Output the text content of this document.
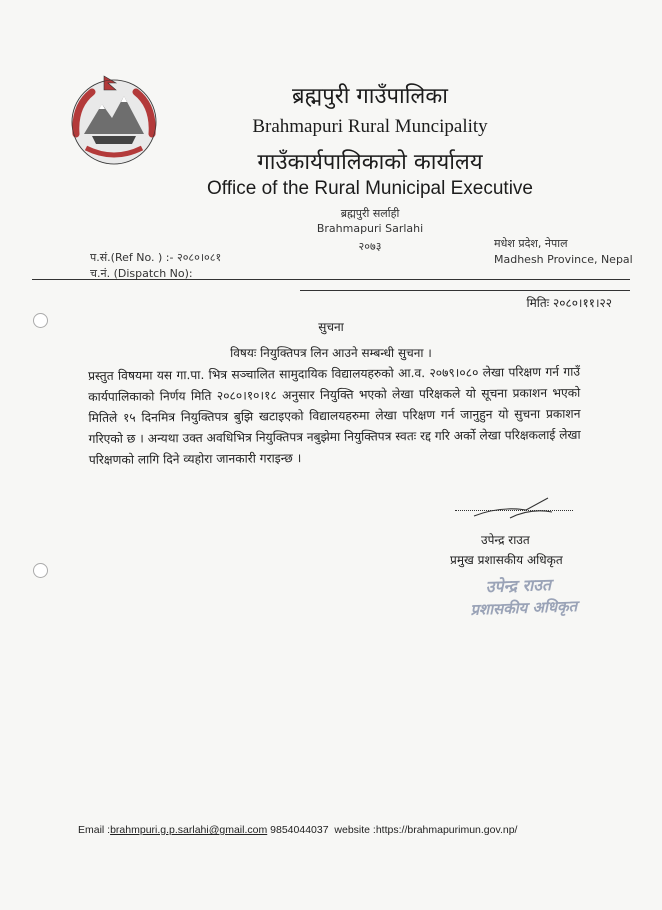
ब्रह्मपुरी गाउँपालिका
Brahmapuri Rural Muncipality
गाउँकार्यपालिकाको कार्यालय
Office of the Rural Municipal Executive
ब्रह्मपुरी सर्लाही
Brahmapuri Sarlahi
२०७३
प.सं.(Ref No. ) :- २०८०।०८१
च.नं. (Dispatch No):
मधेश प्रदेश, नेपाल
Madhesh Province, Nepal
मितिः २०८०।११।२२
सुचना
विषयः नियुक्तिपत्र लिन आउने सम्बन्धी सुचना ।
प्रस्तुत विषयमा यस गा.पा. भित्र सञ्चालित सामुदायिक विद्यालयहरुको आ.व. २०७९।०८० लेखा परिक्षण गर्न गाउँ कार्यपालिकाको निर्णय मिति २०८०।१०।१८ अनुसार नियुक्ति भएको लेखा परिक्षकले यो सूचना प्रकाशन भएको मितिले १५ दिनमित्र नियुक्तिपत्र बुझि खटाइएको विद्यालयहरुमा लेखा परिक्षण गर्न जानुहुन यो सुचना प्रकाशन गरिएको छ । अन्यथा उक्त अवधिभित्र नियुक्तिपत्र नबुझेमा नियुक्तिपत्र स्वतः रद्द गरि अर्को लेखा परिक्षकलाई लेखा परिक्षणको लागि दिने व्यहोरा जानकारी गराइन्छ ।
उपेन्द्र राउत
प्रमुख प्रशासकीय अधिकृत
उपेन्द्र राउत
प्रशासकीय अधिकृत
Email :brahmpuri.g.p.sarlahi@gmail.com 9854044037 website :https://brahmapurimun.gov.np/
